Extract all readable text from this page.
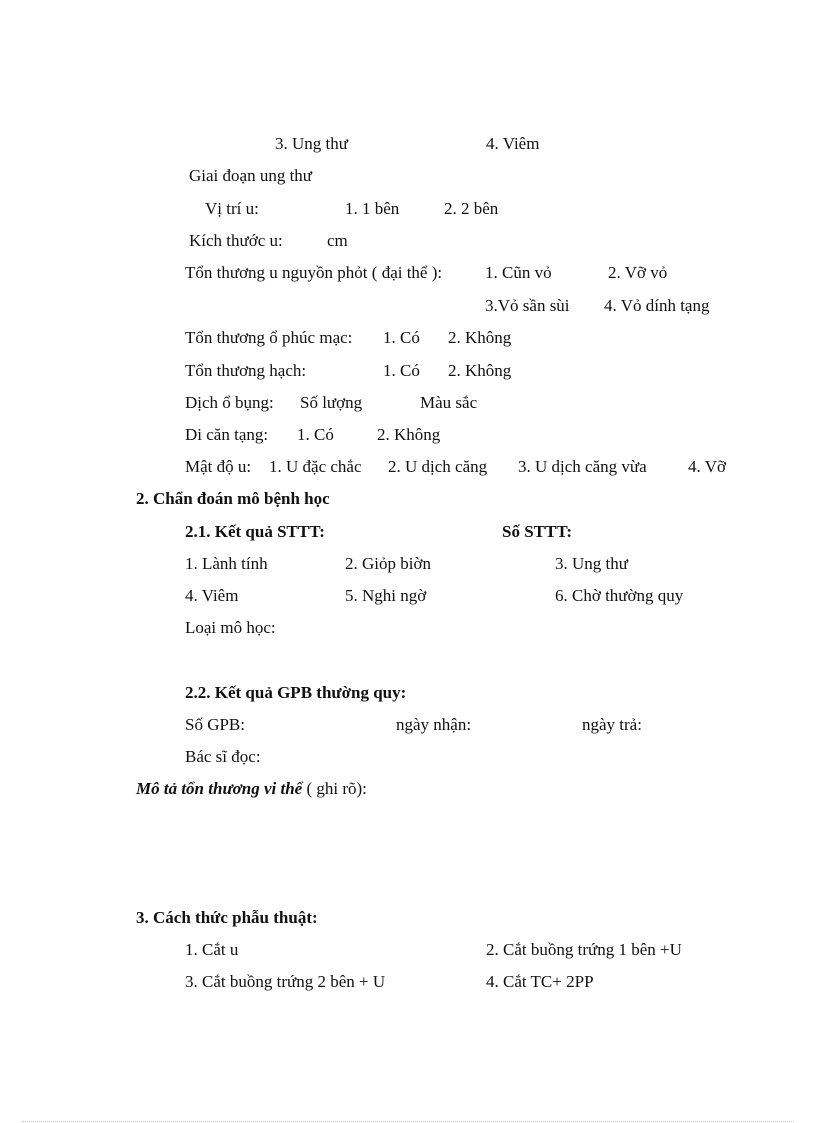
3. Ung thư	4. Viêm
Giai đoạn ung thư
Vị trí u:	1. 1 bên	2. 2 bên
Kích thước u:	cm
Tổn thương u nguyồn phỏt ( đại thể ):	1. Cũn vỏ	2. Vỡ vỏ
3.Vỏ sần sùi 4. Vỏ dính tạng
Tổn thương ổ phúc mạc: 1. Có 2. Không
Tổn thương hạch:	1. Có 2. Không
Dịch ổ bụng: Số lượng	Màu sắc
Di căn tạng: 1. Có	2. Không
Mật độ u: 1. U đặc chắc 2. U dịch căng 3. U dịch căng vừa 4. Vỡ
2. Chẩn đoán mô bệnh học
2.1. Kết quả STTT:	Số STTT:
1. Lành tính	2. Giỏp biờn	3. Ung thư
4. Viêm	5. Nghi ngờ	6. Chờ thường quy
Loại mô học:
2.2. Kết quả GPB thường quy:
Số GPB:	ngày nhận:	ngày trả:
Bác sĩ đọc:
Mô tả tổn thương vi thể ( ghi rõ):
3. Cách thức phẫu thuật:
1. Cắt u	2. Cắt buồng trứng 1 bên +U
3. Cắt buồng trứng 2 bên + U	4. Cắt TC+ 2PP
